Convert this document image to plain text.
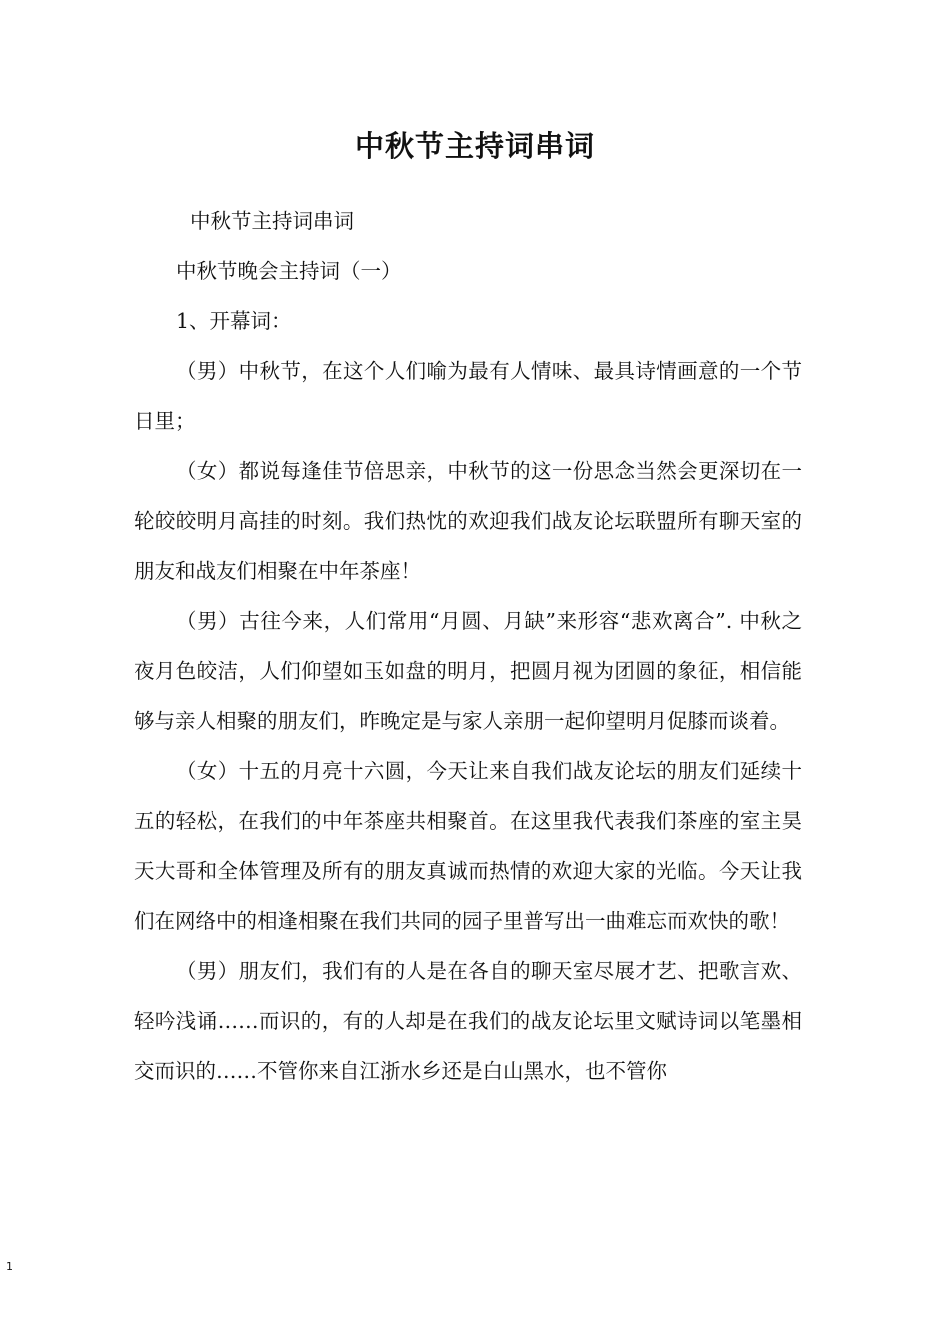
中秋节主持词串词

中秋节主持词串词

中秋节晚会主持词（一）

1、开幕词：

（男）中秋节，在这个人们喻为最有人情味、最具诗情画意的一个节日里；

（女）都说每逢佳节倍思亲，中秋节的这一份思念当然会更深切在一轮皎皎明月高挂的时刻。我们热忱的欢迎我们战友论坛联盟所有聊天室的朋友和战友们相聚在中年茶座！

（男）古往今来，人们常用“月圆、月缺”来形容“悲欢离合”. 中秋之夜月色皎洁，人们仰望如玉如盘的明月，把圆月视为团圆的象征，相信能够与亲人相聚的朋友们，昨晚定是与家人亲朋一起仰望明月促膝而谈着。

（女）十五的月亮十六圆，今天让来自我们战友论坛的朋友们延续十五的轻松，在我们的中年茶座共相聚首。在这里我代表我们茶座的室主昊天大哥和全体管理及所有的朋友真诚而热情的欢迎大家的光临。今天让我们在网络中的相逢相聚在我们共同的园子里普写出一曲难忘而欢快的歌！

（男）朋友们，我们有的人是在各自的聊天室尽展才艺、把歌言欢、轻吟浅诵……而识的，有的人却是在我们的战友论坛里文赋诗词以笔墨相交而识的……不管你来自江浙水乡还是白山黑水，也不管你

1
